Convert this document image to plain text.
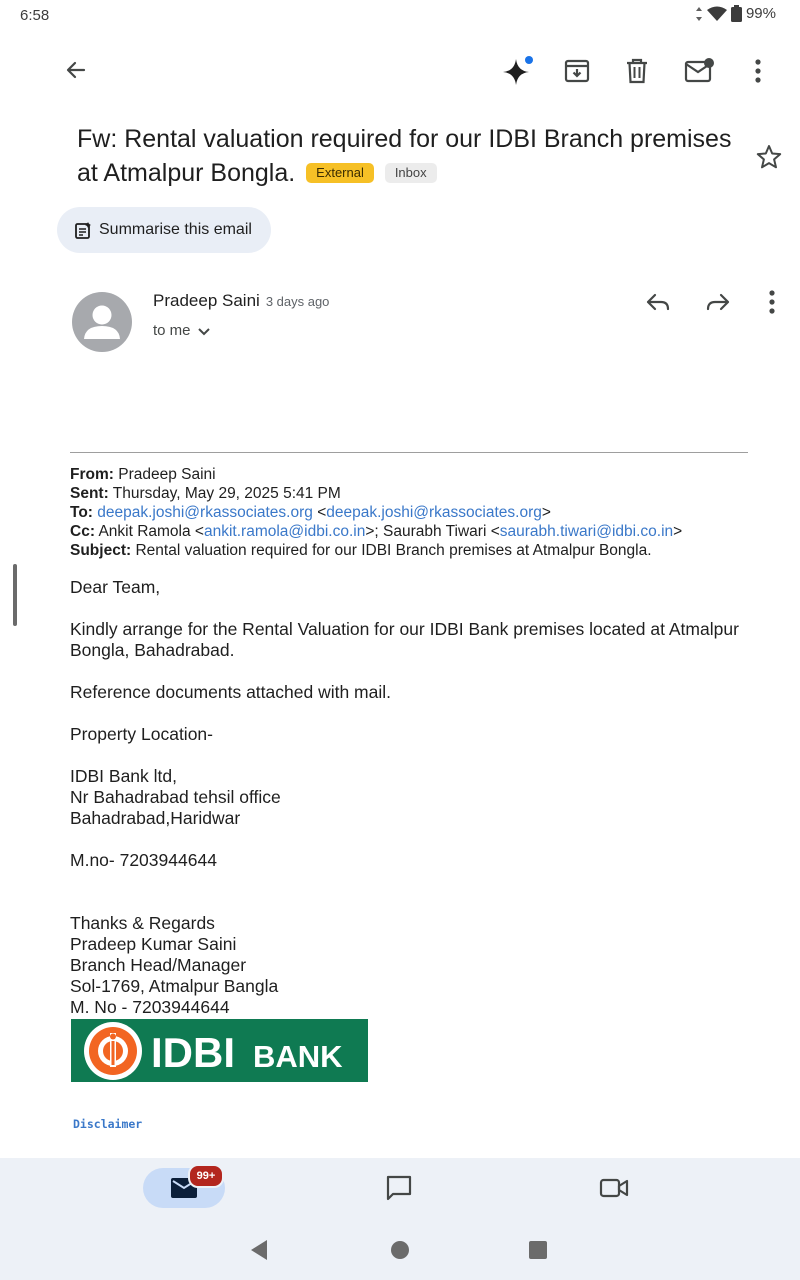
6:58	99%
Fw: Rental valuation required for our IDBI Branch premises at Atmalpur Bongla. External Inbox
Summarise this email
Pradeep Saini 3 days ago
to me
From: Pradeep Saini
Sent: Thursday, May 29, 2025 5:41 PM
To: deepak.joshi@rkassociates.org <deepak.joshi@rkassociates.org>
Cc: Ankit Ramola <ankit.ramola@idbi.co.in>; Saurabh Tiwari <saurabh.tiwari@idbi.co.in>
Subject: Rental valuation required for our IDBI Branch premises at Atmalpur Bongla.
Dear Team,
Kindly arrange for the Rental Valuation for our IDBI Bank premises located at Atmalpur
Bongla, Bahadrabad.
Reference documents attached with mail.
Property Location-
IDBI Bank ltd,
Nr Bahadrabad tehsil office
Bahadrabad,Haridwar
M.no- 7203944644
Thanks & Regards
Pradeep Kumar Saini
Branch Head/Manager
Sol-1769, Atmalpur Bangla
M. No - 7203944644
IDBI BANK
Disclaimer
99+
